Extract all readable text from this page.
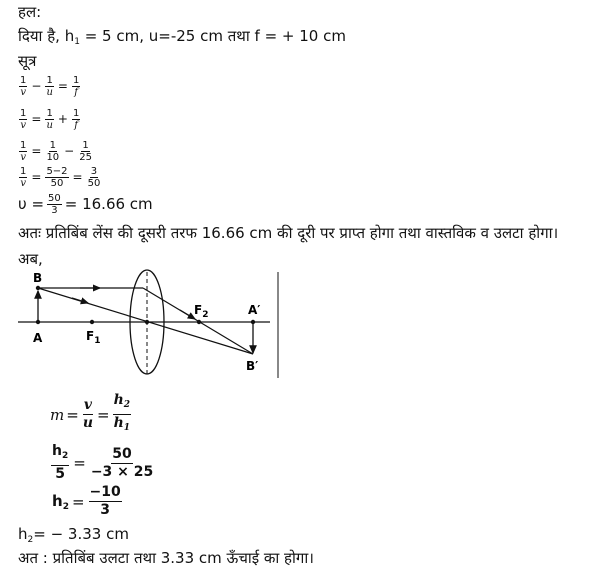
हल:
दिया है, $h_1 = 5$ cm, u=-25 cm तथा f = + 10 cm
सूत्र
$\frac{1}{v} - \frac{1}{u} = \frac{1}{f}$
$\frac{1}{v} = \frac{1}{u} + \frac{1}{f}$
$\frac{1}{v} = \frac{1}{10} - \frac{1}{25}$
$\frac{1}{v} = \frac{5-2}{50} = \frac{3}{50}$
$\upsilon = \frac{50}{3} = 16.66$ cm
अतः प्रतिबिंब लेंस की दूसरी तरफ 16.66 cm की दूरी पर प्राप्त होगा तथा वास्तविक व उलटा होगा।
अब,
B
A	$F_1$
$F_2$	A′
B′
$m = \frac{v}{u} = \frac{h_2}{h_1}$
$\frac{h_2}{5} = \frac{50}{-3 \times 25}$
$h_2 = \frac{-10}{3}$
$h_2= - 3.33$ cm
अत : प्रतिबिंब उलटा तथा 3.33 cm ऊँचाई का होगा।
